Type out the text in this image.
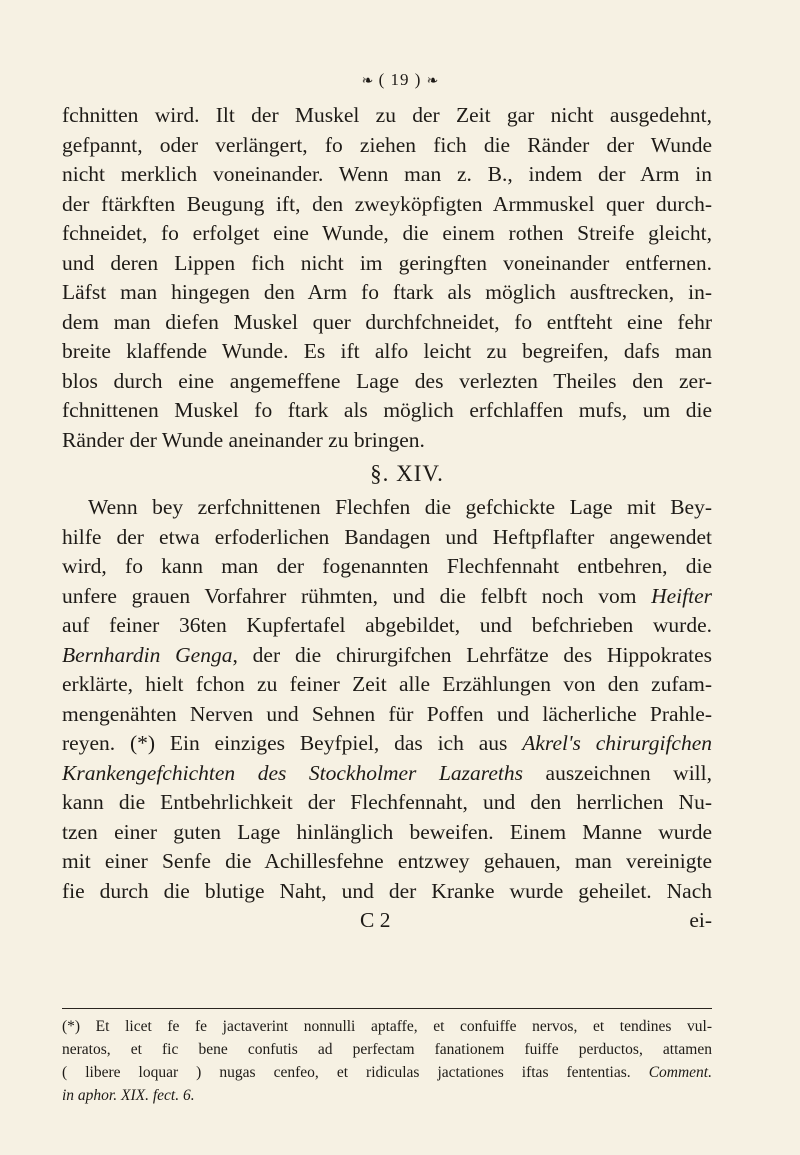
❧ ( 19 ) ❧
fchnitten wird. Ilt der Muskel zu der Zeit gar nicht ausgedehnt,
gefpannt, oder verlängert, fo ziehen fich die Ränder der Wunde
nicht merklich voneinander. Wenn man z. B., indem der Arm in
der ftärkften Beugung ift, den zweyköpfigten Armmuskel quer durch-
fchneidet, fo erfolget eine Wunde, die einem rothen Streife gleicht,
und deren Lippen fich nicht im geringften voneinander entfernen.
Läfst man hingegen den Arm fo ftark als möglich ausftrecken, in-
dem man diefen Muskel quer durchfchneidet, fo entfteht eine fehr
breite klaffende Wunde. Es ift alfo leicht zu begreifen, dafs man
blos durch eine angemeffene Lage des verlezten Theiles den zer-
fchnittenen Muskel fo ftark als möglich erfchlaffen mufs, um die
Ränder der Wunde aneinander zu bringen.
§. XIV.
Wenn bey zerfchnittenen Flechfen die gefchickte Lage mit Bey-
hilfe der etwa erfoderlichen Bandagen und Heftpflafter angewendet
wird, fo kann man der fogenannten Flechfennaht entbehren, die
unfere grauen Vorfahrer rühmten, und die felbft noch vom Heifter
auf feiner 36ten Kupfertafel abgebildet, und befchrieben wurde.
Bernhardin Genga, der die chirurgifchen Lehrfätze des Hippokrates
erklärte, hielt fchon zu feiner Zeit alle Erzählungen von den zufam-
mengenähten Nerven und Sehnen für Poffen und lächerliche Prahle-
reyen. (*) Ein einziges Beyfpiel, das ich aus Akrel's chirurgifchen
Krankengefchichten des Stockholmer Lazareths auszeichnen will,
kann die Entbehrlichkeit der Flechfennaht, und den herrlichen Nu-
tzen einer guten Lage hinlänglich beweifen. Einem Manne wurde
mit einer Senfe die Achillesfehne entzwey gehauen, man vereinigte
fie durch die blutige Naht, und der Kranke wurde geheilet. Nach
C 2	ei-
(*) Et licet fe fe jactaverint nonnulli aptaffe, et confuiffe nervos, et tendines vul-
neratos, et fic bene confutis ad perfectam fanationem fuiffe perductos, attamen
( libere loquar ) nugas cenfeo, et ridiculas jactationes iftas fententias. Comment.
in aphor. XIX. fect. 6.
